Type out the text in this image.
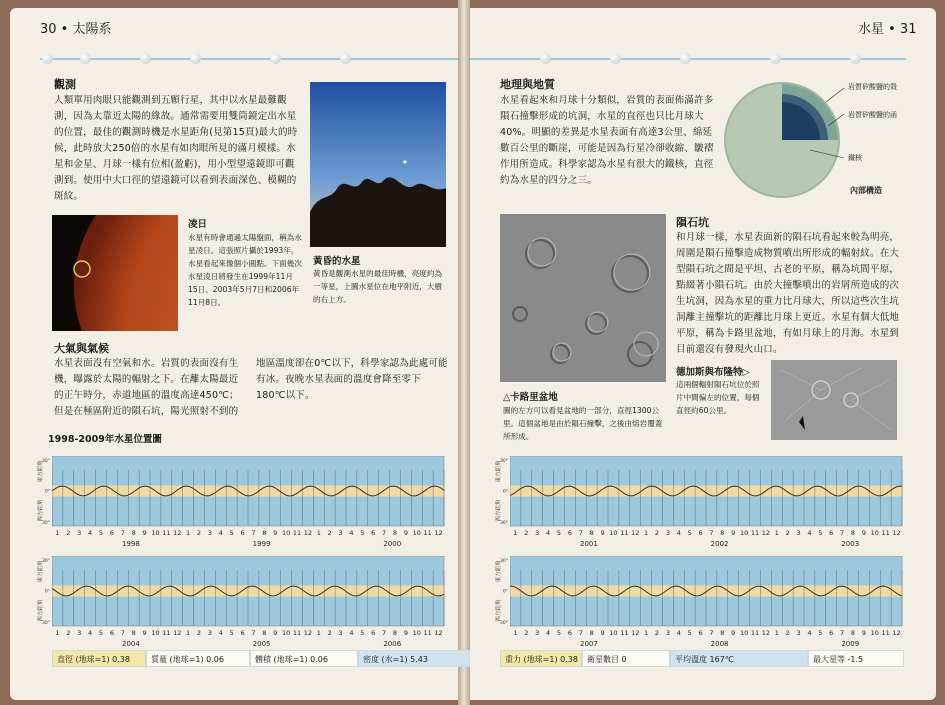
30 • 太陽系
觀測
人類單用肉眼只能觀測到五顆行星，其中以水星最難觀測，因為太靠近太陽的緣故。通常需要用雙筒鏡定出水星的位置，最佳的觀測時機是水星距角(見第15頁)最大的時候，此時放大250倍的水星有如肉眼所見的滿月模樣。水星和金星、月球一樣有位相(盈虧)，用小型望遠鏡即可觀測到。使用中大口徑的望遠鏡可以看到表面深色、模糊的斑紋。
黃昏的水星
黃昏是觀測水星的最佳時機，亮度約為一等星，上圖水星位在地平附近，大樹的右上方。
凌日
水星有時會通過太陽盤面，稱為水星凌日。這張照片攝於1993年，水星看起來像個小圓點。下面幾次水星凌日將發生在1999年11月15日、2003年5月7日和2006年11月8日。
大氣與氣候
水星表面沒有空氣和水。岩質的表面沒有生機，曝露於太陽的輻射之下。在離太陽最近的正午時分，赤道地區的溫度高達450℃；但是在極區附近的隕石坑，陽光照射不到的
地區溫度卻在0℃以下，科學家認為此處可能有冰。夜晚水星表面的溫度會降至零下180℃以下。
1998-2009年水星位置圖
水星 • 31
地理與地質
水星看起來和月球十分類似，岩質的表面佈滿許多隕石撞擊形成的坑洞，水星的直徑也只比月球大40%。明顯的差異是水星表面有高達3公里、綿延數百公里的斷崖，可能是因為行星冷卻收縮、皺褶作用所造成。科學家認為水星有很大的鐵核，直徑約為水星的四分之三。
岩質矽酸鹽的殼
岩質矽酸鹽的函
鐵核
內部構造
△卡路里盆地
圖的左方可以看見盆地的一部分，直徑1300公里。這個盆地是由於隕石撞擊，之後由熔岩覆蓋所形成。
隕石坑
和月球一樣，水星表面新的隕石坑看起來較為明亮，周圍是隕石撞擊造成物質噴出所形成的輻射紋。在大型隕石坑之間是平坦、古老的平原，稱為坑間平原，點綴著小隕石坑。由於大撞擊噴出的岩屑所造成的次生坑洞，因為水星的重力比月球大，所以這些次生坑洞離主撞擊坑的距離比月球上更近。水星有個大低地平原，稱為卡路里盆地，有如月球上的月海。水星到目前還沒有發現火山口。
德加斯與布隆特▷
這兩個輻射隕石坑位於照片中間偏左的位置，每個直徑約60公里。
1 2 3 4 5 6 7 8 9 10 11 12 1 2 3 4 5 6 7 8 9 10 11 12 1 2 3 4 5 6 7 8 9 10 11 12
1998	1999	2000
東方距角
西方距角
30°
0°
30°
1 2 3 4 5 6 7 8 9 10 11 12 1 2 3 4 5 6 7 8 9 10 11 12 1 2 3 4 5 6 7 8 9 10 11 12
2004	2005	2006
東方距角
西方距角
30°
0°
30°
1 2 3 4 5 6 7 8 9 10 11 12 1 2 3 4 5 6 7 8 9 10 11 12 1 2 3 4 5 6 7 8 9 10 11 12
2001	2002	2003
東方距角
西方距角
30°
0°
30°
1 2 3 4 5 6 7 8 9 10 11 12 1 2 3 4 5 6 7 8 9 10 11 12 1 2 3 4 5 6 7 8 9 10 11 12
2007	2008	2009
東方距角
西方距角
30°
0°
30°
直徑 (地球=1) 0.38	質量 (地球=1) 0.06	體積 (地球=1) 0.06	密度 (水=1) 5.43	重力 (地球=1) 0.38	衛星數目 0	平均溫度 167℃	最大星等 -1.5
